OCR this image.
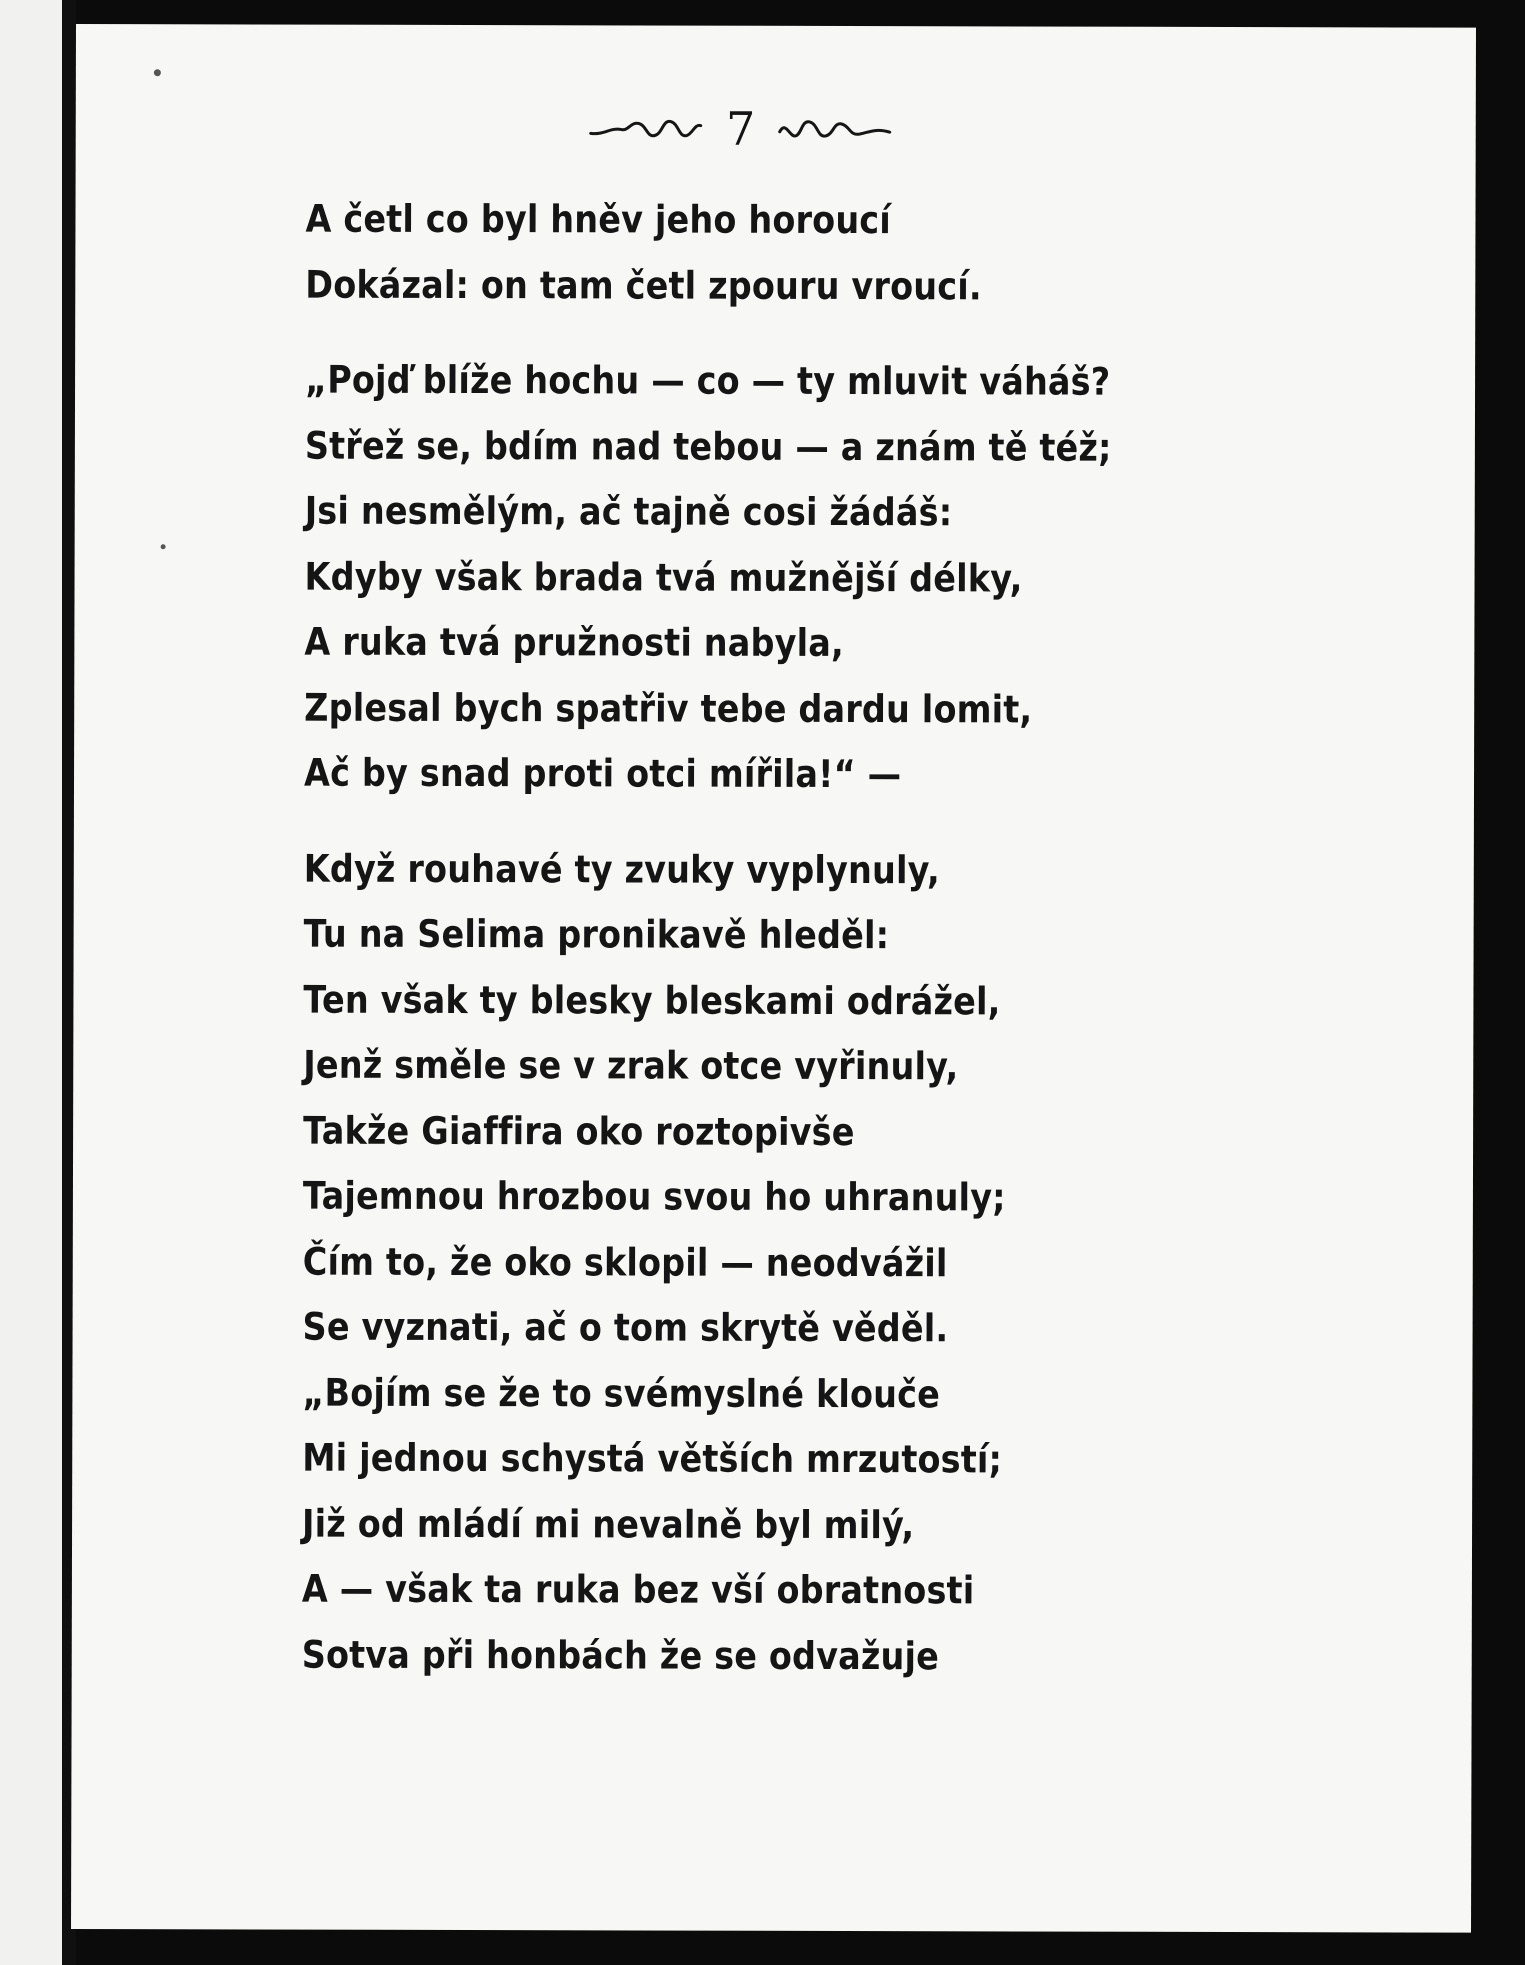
7
A četl co byl hněv jeho horoucí
Dokázal: on tam četl zpouru vroucí.
„Pojď blíže hochu — co — ty mluvit váháš?
Střež se, bdím nad tebou — a znám tě též;
Jsi nesmělým, ač tajně cosi žádáš:
Kdyby však brada tvá mužnější délky,
A ruka tvá pružnosti nabyla,
Zplesal bych spatřiv tebe dardu lomit,
Ač by snad proti otci mířila!“ —
Když rouhavé ty zvuky vyplynuly,
Tu na Selima pronikavě hleděl:
Ten však ty blesky bleskami odrážel,
Jenž směle se v zrak otce vyřinuly,
Takže Giaffira oko roztopivše
Tajemnou hrozbou svou ho uhranuly;
Čím to, že oko sklopil — neodvážil
Se vyznati, ač o tom skrytě věděl.
„Bojím se že to svémyslné klouče
Mi jednou schystá větších mrzutostí;
Již od mládí mi nevalně byl milý,
A — však ta ruka bez vší obratnosti
Sotva při honbách že se odvažuje
